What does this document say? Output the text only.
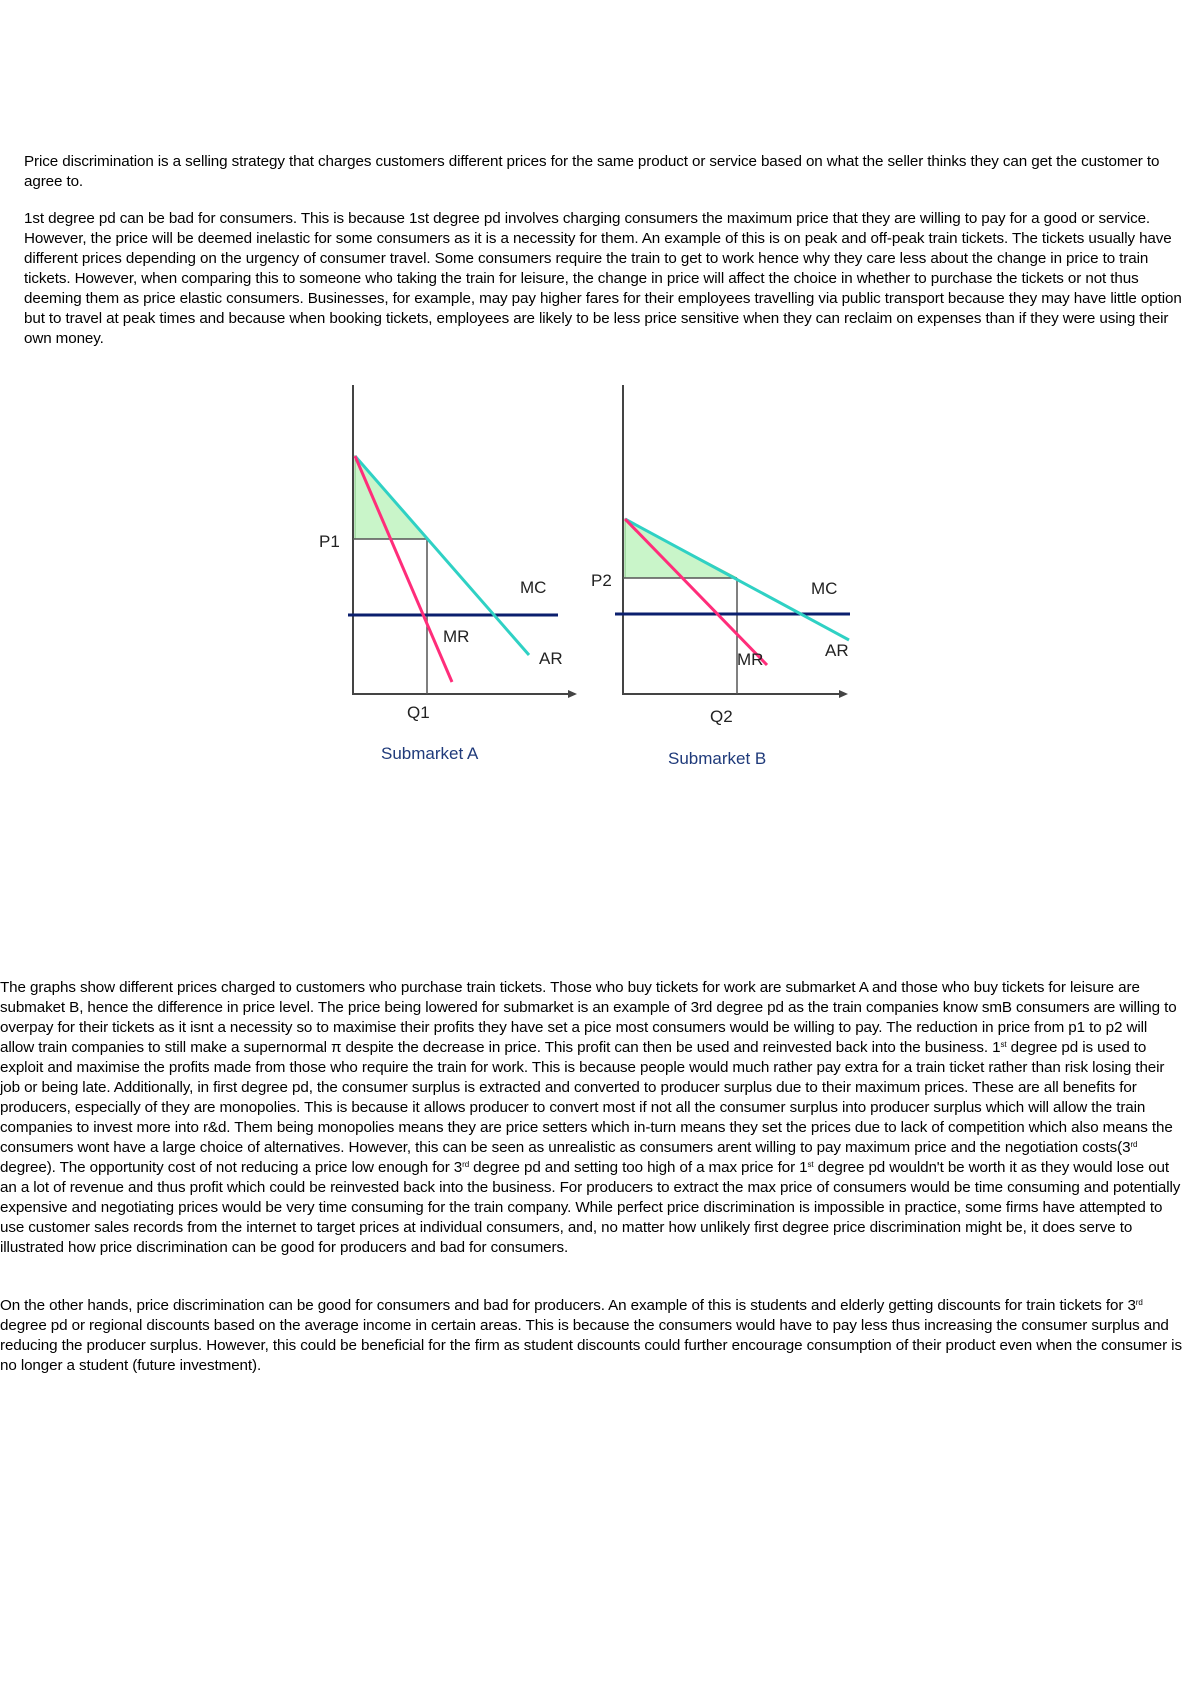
Price discrimination is a selling strategy that charges customers different prices for the same product or service based on what the seller thinks they can get the customer to agree to.

1st degree pd can be bad for consumers. This is because 1st degree pd involves charging consumers the maximum price that they are willing to pay for a good or service. However, the price will be deemed inelastic for some consumers as it is a necessity for them. An example of this is on peak and off-peak train tickets. The tickets usually have different prices depending on the urgency of consumer travel. Some consumers require the train to get to work hence why they care less about the change in price to train tickets. However, when comparing this to someone who taking the train for leisure, the change in price will affect the choice in whether to purchase the tickets or not thus deeming them as price elastic consumers. Businesses, for example, may pay higher fares for their employees travelling via public transport because they may have little option but to travel at peak times and because when booking tickets, employees are likely to be less price sensitive when they can reclaim on expenses than if they were using their own money.

P1
MC
MR
AR
Q1
Submarket A
P2	MC
MR	AR
Q2
Submarket B

The graphs show different prices charged to customers who purchase train tickets. Those who buy tickets for work are submarket A and those who buy tickets for leisure are submaket B, hence the difference in price level. The price being lowered for submarket is an example of 3rd degree pd as the train companies know smB consumers are willing to overpay for their tickets as it isnt a necessity so to maximise their profits they have set a pice most consumers would be willing to pay. The reduction in price from p1 to p2 will allow train companies to still make a supernormal π despite the decrease in price. This profit can then be used and reinvested back into the business. 1st degree pd is used to exploit and maximise the profits made from those who require the train for work. This is because people would much rather pay extra for a train ticket rather than risk losing their job or being late. Additionally, in first degree pd, the consumer surplus is extracted and converted to producer surplus due to their maximum prices. These are all benefits for producers, especially of they are monopolies. This is because it allows producer to convert most if not all the consumer surplus into producer surplus which will allow the train companies to invest more into r&d. Them being monopolies means they are price setters which in-turn means they set the prices due to lack of competition which also means the consumers wont have a large choice of alternatives. However, this can be seen as unrealistic as consumers arent willing to pay maximum price and the negotiation costs(3rd degree). The opportunity cost of not reducing a price low enough for 3rd degree pd and setting too high of a max price for 1st degree pd wouldn't be worth it as they would lose out an a lot of revenue and thus profit which could be reinvested back into the business. For producers to extract the max price of consumers would be time consuming and potentially expensive and negotiating prices would be very time consuming for the train company. While perfect price discrimination is impossible in practice, some firms have attempted to use customer sales records from the internet to target prices at individual consumers, and, no matter how unlikely first degree price discrimination might be, it does serve to illustrated how price discrimination can be good for producers and bad for consumers.

On the other hands, price discrimination can be good for consumers and bad for producers. An example of this is students and elderly getting discounts for train tickets for 3rd degree pd or regional discounts based on the average income in certain areas. This is because the consumers would have to pay less thus increasing the consumer surplus and reducing the producer surplus. However, this could be beneficial for the firm as student discounts could further encourage consumption of their product even when the consumer is no longer a student (future investment).
